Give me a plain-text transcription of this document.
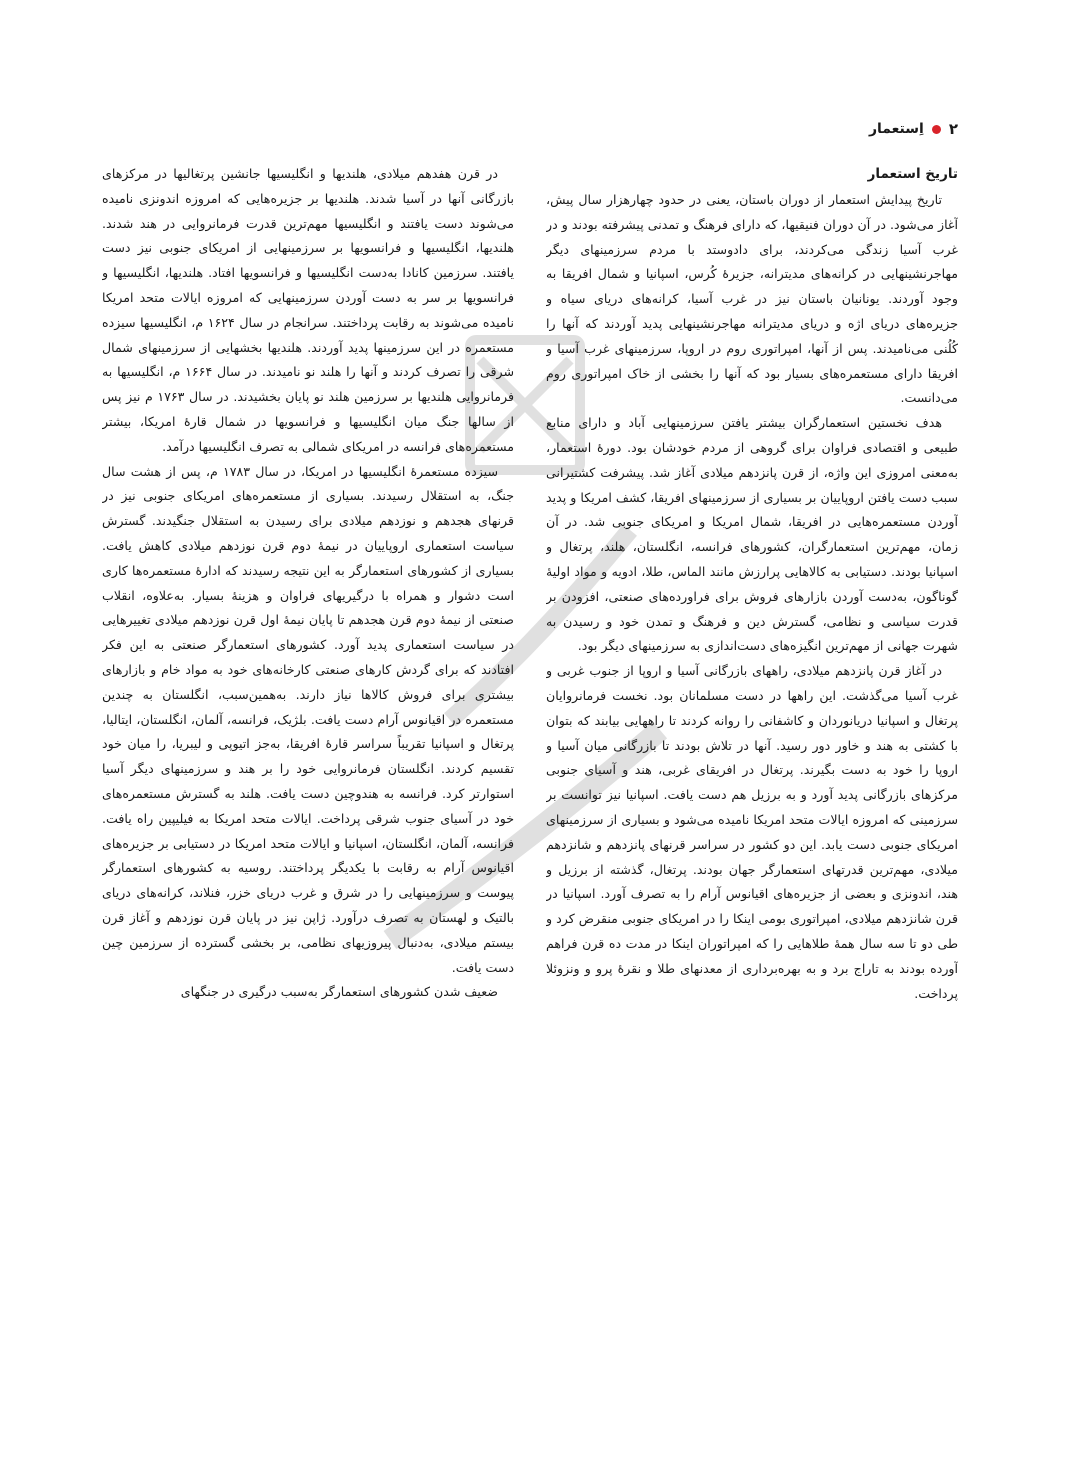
۲
اِستعمار
تاریخ استعمار

تاریخ پیدایش استعمار از دوران باستان، یعنی در حدود چهارهزار سال پیش، آغاز می‌شود. در آن دوران فنیقیها، که دارای فرهنگ و تمدنی پیشرفته بودند و در غرب آسیا زندگی می‌کردند، برای دادوستد با مردم سرزمینهای دیگر مهاجرنشینهایی در کرانه‌های مدیترانه، جزیرهٔ کُرس، اسپانیا و شمال افریقا به وجود آوردند. یونانیان باستان نیز در غرب آسیا، کرانه‌های دریای سیاه و جزیره‌های دریای اژه و دریای مدیترانه مهاجرنشینهایی پدید آوردند که آنها را کُلُنی می‌نامیدند. پس از آنها، امپراتوری روم در اروپا، سرزمینهای غرب آسیا و افریقا دارای مستعمره‌های بسیار بود که آنها را بخشی از خاک امپراتوری روم می‌دانست.

هدف نخستین استعمارگران بیشتر یافتن سرزمینهایی آباد و دارای منابع طبیعی و اقتصادی فراوان برای گروهی از مردم خودشان بود. دورهٔ استعمار، به‌معنی امروزی این واژه، از قرن پانزدهم میلادی آغاز شد. پیشرفت کشتیرانی سبب دست یافتن اروپاییان بر بسیاری از سرزمینهای افریقا، کشف امریکا و پدید آوردن مستعمره‌هایی در افریقا، شمال امریکا و امریکای جنوبی شد. در آن زمان، مهم‌ترین استعمارگران، کشورهای فرانسه، انگلستان، هلند، پرتغال و اسپانیا بودند. دستیابی به کالاهایی پرارزش مانند الماس، طلا، ادویه و مواد اولیهٔ گوناگون، به‌دست آوردن بازارهای فروش برای فراورده‌های صنعتی، افزودن بر قدرت سیاسی و نظامی، گسترش دین و فرهنگ و تمدن خود و رسیدن به شهرت جهانی از مهم‌ترین انگیزه‌های دست‌اندازی به سرزمینهای دیگر بود.

در آغاز قرن پانزدهم میلادی، راههای بازرگانی آسیا و اروپا از جنوب غربی و غرب آسیا می‌گذشت. این راهها در دست مسلمانان بود. نخست فرمانروایان پرتغال و اسپانیا دریانوردان و کاشفانی را روانه کردند تا راههایی بیابند که بتوان با کشتی به هند و خاور دور رسید. آنها در تلاش بودند تا بازرگانی میان آسیا و اروپا را خود به دست بگیرند. پرتغال در افریقای غربی، هند و آسیای جنوبی مرکزهای بازرگانی پدید آورد و به برزیل هم دست یافت. اسپانیا نیز توانست بر سرزمینی که امروزه ایالات متحد امریکا نامیده می‌شود و بسیاری از سرزمینهای امریکای جنوبی دست یابد. این دو کشور در سراسر قرنهای پانزدهم و شانزدهم میلادی، مهم‌ترین قدرتهای استعمارگر جهان بودند. پرتغال، گذشته از برزیل و هند، اندونزی و بعضی از جزیره‌های اقیانوس آرام را به تصرف آورد. اسپانیا در قرن شانزدهم میلادی، امپراتوری بومی اینکا را در امریکای جنوبی منقرض کرد و طی دو تا سه سال همهٔ طلاهایی را که امپراتوران اینکا در مدت ده قرن فراهم آورده بودند به تاراج برد و به بهره‌برداری از معدنهای طلا و نقرهٔ پرو و ونزوئلا پرداخت.

در قرن هفدهم میلادی، هلندیها و انگلیسیها جانشین پرتغالیها در مرکزهای بازرگانی آنها در آسیا شدند. هلندیها بر جزیره‌هایی که امروزه اندونزی نامیده می‌شوند دست یافتند و انگلیسیها مهم‌ترین قدرت فرمانروایی در هند شدند. هلندیها، انگلیسیها و فرانسویها بر سرزمینهایی از امریکای جنوبی نیز دست یافتند. سرزمین کانادا به‌دست انگلیسیها و فرانسویها افتاد. هلندیها، انگلیسیها و فرانسویها بر سر به دست آوردن سرزمینهایی که امروزه ایالات متحد امریکا نامیده می‌شوند به رقابت پرداختند. سرانجام در سال ۱۶۲۴ م، انگلیسیها سیزده مستعمره در این سرزمینها پدید آوردند. هلندیها بخشهایی از سرزمینهای شمال شرقی را تصرف کردند و آنها را هلند نو نامیدند. در سال ۱۶۶۴ م، انگلیسیها به فرمانروایی هلندیها بر سرزمین هلند نو پایان بخشیدند. در سال ۱۷۶۳ م نیز پس از سالها جنگ میان انگلیسیها و فرانسویها در شمال قارهٔ امریکا، بیشتر مستعمره‌های فرانسه در امریکای شمالی به تصرف انگلیسیها درآمد.

سیزده مستعمرهٔ انگلیسیها در امریکا، در سال ۱۷۸۳ م، پس از هشت سال جنگ، به استقلال رسیدند. بسیاری از مستعمره‌های امریکای جنوبی نیز در قرنهای هجدهم و نوزدهم میلادی برای رسیدن به استقلال جنگیدند. گسترش سیاست استعماری اروپاییان در نیمهٔ دوم قرن نوزدهم میلادی کاهش یافت. بسیاری از کشورهای استعمارگر به این نتیجه رسیدند که ادارهٔ مستعمره‌ها کاری است دشوار و همراه با درگیریهای فراوان و هزینهٔ بسیار. به‌علاوه، انقلاب صنعتی از نیمهٔ دوم قرن هجدهم تا پایان نیمهٔ اول قرن نوزدهم میلادی تغییرهایی در سیاست استعماری پدید آورد. کشورهای استعمارگر صنعتی به این فکر افتادند که برای گردش کارهای صنعتی کارخانه‌های خود به مواد خام و بازارهای بیشتری برای فروش کالاها نیاز دارند. به‌همین‌سبب، انگلستان به چندین مستعمره در اقیانوس آرام دست یافت. بلژیک، فرانسه، آلمان، انگلستان، ایتالیا، پرتغال و اسپانیا تقریباً سراسر قارهٔ افریقا، به‌جز اتیوپی و لیبریا، را میان خود تقسیم کردند. انگلستان فرمانروایی خود را بر هند و سرزمینهای دیگر آسیا استوارتر کرد. فرانسه به هندوچین دست یافت. هلند به گسترش مستعمره‌های خود در آسیای جنوب شرقی پرداخت. ایالات متحد امریکا به فیلیپین راه یافت. فرانسه، آلمان، انگلستان، اسپانیا و ایالات متحد امریکا در دستیابی بر جزیره‌های اقیانوس آرام به رقابت با یکدیگر پرداختند. روسیه به کشورهای استعمارگر پیوست و سرزمینهایی را در شرق و غرب دریای خزر، فنلاند، کرانه‌های دریای بالتیک و لهستان به تصرف درآورد. ژاپن نیز در پایان قرن نوزدهم و آغاز قرن بیستم میلادی، به‌دنبال پیروزیهای نظامی، بر بخشی گسترده از سرزمین چین دست یافت.

ضعیف شدن کشورهای استعمارگر به‌سبب درگیری در جنگهای
